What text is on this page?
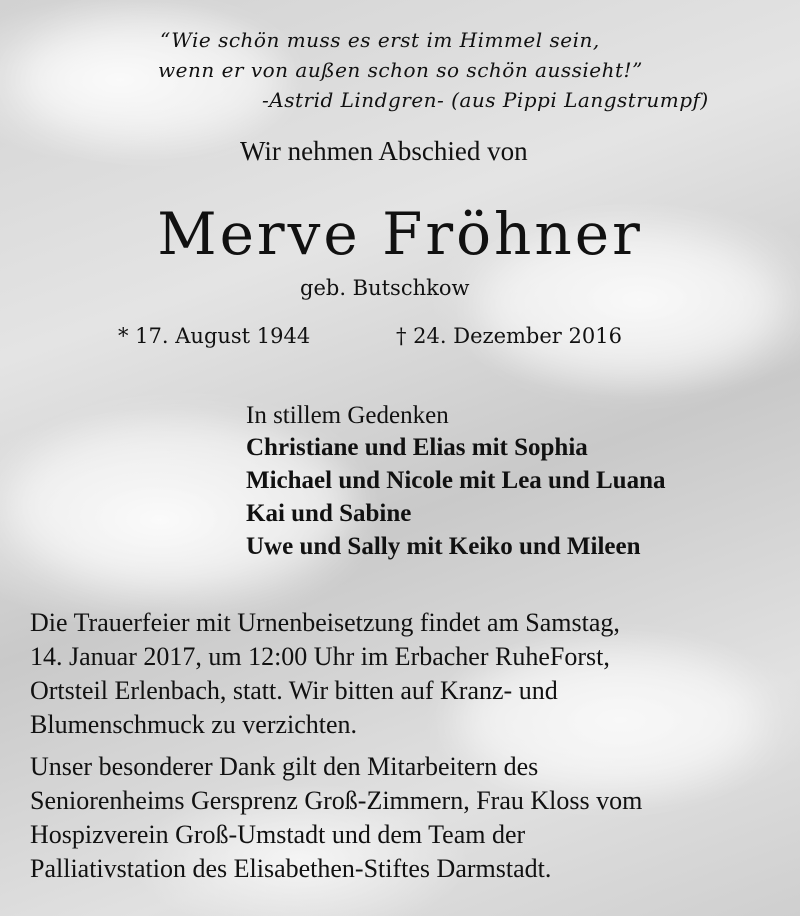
“Wie schön muss es erst im Himmel sein,
wenn er von außen schon so schön aussieht!”
-Astrid Lindgren- (aus Pippi Langstrumpf)
Wir nehmen Abschied von
Merve Fröhner
geb. Butschkow
* 17. August 1944	† 24. Dezember 2016
In stillem Gedenken
Christiane und Elias mit Sophia
Michael und Nicole mit Lea und Luana
Kai und Sabine
Uwe und Sally mit Keiko und Mileen
Die Trauerfeier mit Urnenbeisetzung findet am Samstag,
14. Januar 2017, um 12:00 Uhr im Erbacher RuheForst,
Ortsteil Erlenbach, statt. Wir bitten auf Kranz- und
Blumenschmuck zu verzichten.
Unser besonderer Dank gilt den Mitarbeitern des
Seniorenheims Gersprenz Groß-Zimmern, Frau Kloss vom
Hospizverein Groß-Umstadt und dem Team der
Palliativstation des Elisabethen-Stiftes Darmstadt.
